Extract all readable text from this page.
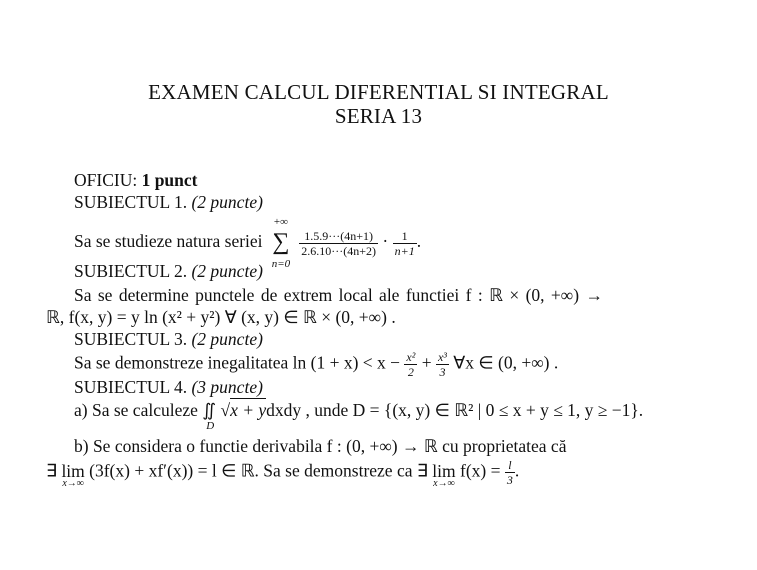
EXAMEN CALCUL DIFERENTIAL SI INTEGRAL
SERIA 13
OFICIU: 1 punct
SUBIECTUL 1. (2 puncte)
Sa se studieze natura seriei
+∞
∑
n=0

$\frac{1.5.9\cdot\cdot\cdot(4n+1)}{2.6.10\cdot\cdot\cdot(4n+2)} \cdot \frac{1}{n+1}$ .
SUBIECTUL 2. (2 puncte)
Sa se determine punctele de extrem local ale functiei f : ℝ × (0, +∞) →
ℝ, f(x, y) = y ln (x² + y²) ∀ (x, y) ∈ ℝ × (0, +∞) .
SUBIECTUL 3. (2 puncte)
Sa se demonstreze inegalitatea $\ln (1 + x) < x - \frac{\text{x²}}{2} + \frac{\text{x³}}{3}$ ∀x ∈ (0, +∞) .
SUBIECTUL 4. (3 puncte)
a) Sa se calculeze ∬
D
√x + ydxdy , unde D = {(x, y) ∈ ℝ² | 0 ≤ x + y ≤ 1, y ≥ −1}.
b) Se considera o functie derivabila f : (0, +∞) → ℝ cu proprietatea că
∃ lim
x→∞
(3f(x) + xf′(x)) = l ∈ ℝ. Sa se demonstreze ca ∃ lim
x→∞
$f(x) = \frac{l}{3}$ .
